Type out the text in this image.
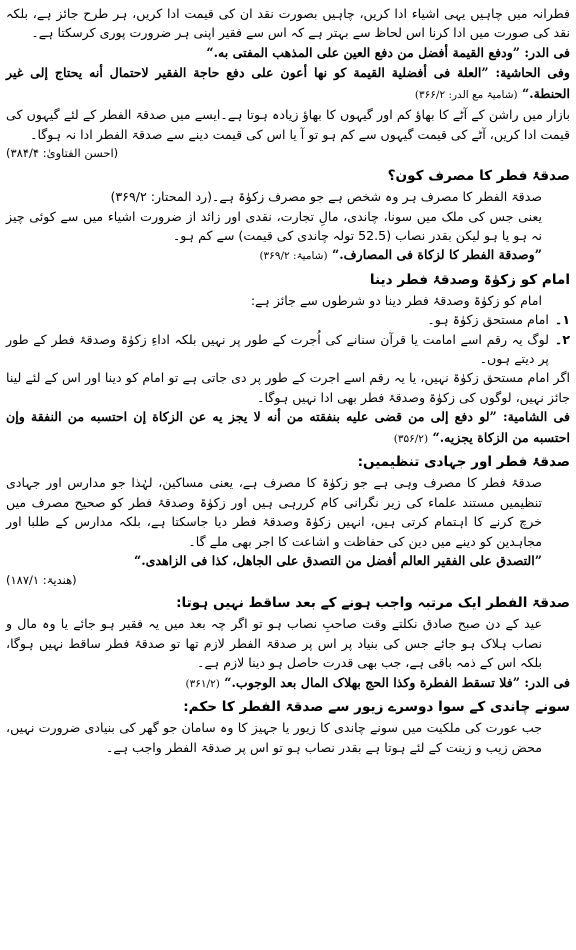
فطرانہ میں چاہیں یہی اشیاء ادا کریں، چاہیں بصورت نقد ان کی قیمت ادا کریں، ہر طرح جائز ہے، بلکہ نقد کی صورت میں ادا کرنا اس لحاظ سے بہتر ہے کہ اس سے فقیر اپنی ہر ضرورت پوری کرسکتا ہے۔

فی الدر: ”ودفع القيمة أفضل من دفع العين علی المذهب المفتی به.“

وفی الحاشية: ”العلة فی أفضلية القيمة کو نها أعون علی دفع حاجة الفقير لاحتمال أنه يحتاج إلی غير الحنطة.“ (شامیۃ مع الدر: ۳۶۶/۲)

بازار میں راشن کے آٹے کا بھاؤ کم اور گیہوں کا بھاؤ زیادہ ہوتا ہے۔ایسے میں صدقۃ الفطر کے لئے گیہوں کی قیمت ادا کریں، آٹے کی قیمت گیہوں سے کم ہو تو آ یا اس کی قیمت دینے سے صدقۃ الفطر ادا نہ ہوگا۔

(احسن الفتاویٰ: ۳۸۴/۴)

صدقۂ فطر کا مصرف کون؟

صدقۃ الفطر کا مصرف ہر وہ شخص ہے جو مصرف زکوٰۃ ہے۔(رد المحتار: ۳۶۹/۲)

یعنی جس کی ملک میں سونا، چاندی، مالِ تجارت، نقدی اور زائد از ضرورت اشیاء میں سے کوئی چیز نہ ہو یا ہو لیکن بقدر نصاب (52.5 تولہ چاندی کی قیمت) سے کم ہو۔

”وصدقة الفطر کا لزکاة فی المصارف.“ (شامیۃ: ۳۶۹/۲)

امام کو زکوٰۃ وصدقۂ فطر دینا

امام کو زکوٰۃ وصدقۂ فطر دینا دو شرطوں سے جائز ہے:

۱۔
امام مستحق زکوٰۃ ہو۔
۲۔
لوگ یہ رقم اسے امامت یا قرآن سنانے کی اُجرت کے طور پر نہیں بلکہ اداءِ زکوٰۃ وصدقۂ فطر کے طور پر دیتے ہوں۔

اگر امام مستحق زکوٰۃ نہیں، یا یہ رقم اسے اجرت کے طور پر دی جاتی ہے تو امام کو دینا اور اس کے لئے لینا جائز نہیں، لوگوں کی زکوٰۃ وصدقۂ فطر بھی ادا نہیں ہوگا۔

فی الشامیة: ”لو دفع إلی من قضی علیه بنفقته من أنه لا یجز یه عن الزکاة إن احتسبه من النفقة وإن احتسبه من الزکاة یجزیه.“ (۳۵۶/۲)

صدقۂ فطر اور جہادی تنظیمیں:

صدقۂ فطر کا مصرف وہی ہے جو زکوٰۃ کا مصرف ہے، یعنی مساکین، لہٰذا جو مدارس اور جہادی تنظیمیں مستند علماء کی زیر نگرانی کام کررہی ہیں اور زکوٰۃ وصدقۂ فطر کو صحیح مصرف میں خرچ کرنے کا اہتمام کرتی ہیں، انہیں زکوٰۃ وصدقۂ فطر دیا جاسکتا ہے، بلکہ مدارس کے طلبا اور مجاہدین کو دینے میں دین کی حفاظت و اشاعت کا اجر بھی ملے گا۔

”التصدق علی الفقیر العالم أفضل من التصدق علی الجاهل، کذا فی الزاهدی.“

(هندیۃ: ۱۸۷/۱)

صدقۃ الفطر ایک مرتبہ واجب ہونے کے بعد ساقط نہیں ہوتا:

عید کے دن صبح صادق نکلتے وقت صاحبِ نصاب ہو تو اگر چہ بعد میں یہ فقیر ہو جائے یا وہ مال و نصاب ہلاک ہو جائے جس کی بنیاد پر اس پر صدقۃ الفطر لازم تھا تو صدقۂ فطر ساقط نہیں ہوگا، بلکہ اس کے ذمہ باقی ہے، جب بھی قدرت حاصل ہو دینا لازم ہے۔

فی الدر: ”فلا تسقط الفطرة وکذا الحج بهلاک المال بعد الوجوب.“ (۳۶۱/۲)

سونے چاندی کے سوا دوسرے زیور سے صدقۃ الفطر کا حکم:

جب عورت کی ملکیت میں سونے چاندی کا زیور یا جہیز کا وہ سامان جو گھر کی بنیادی ضرورت نہیں، محض زیب و زینت کے لئے ہوتا ہے بقدر نصاب ہو تو اس پر صدقۃ الفطر واجب ہے۔
